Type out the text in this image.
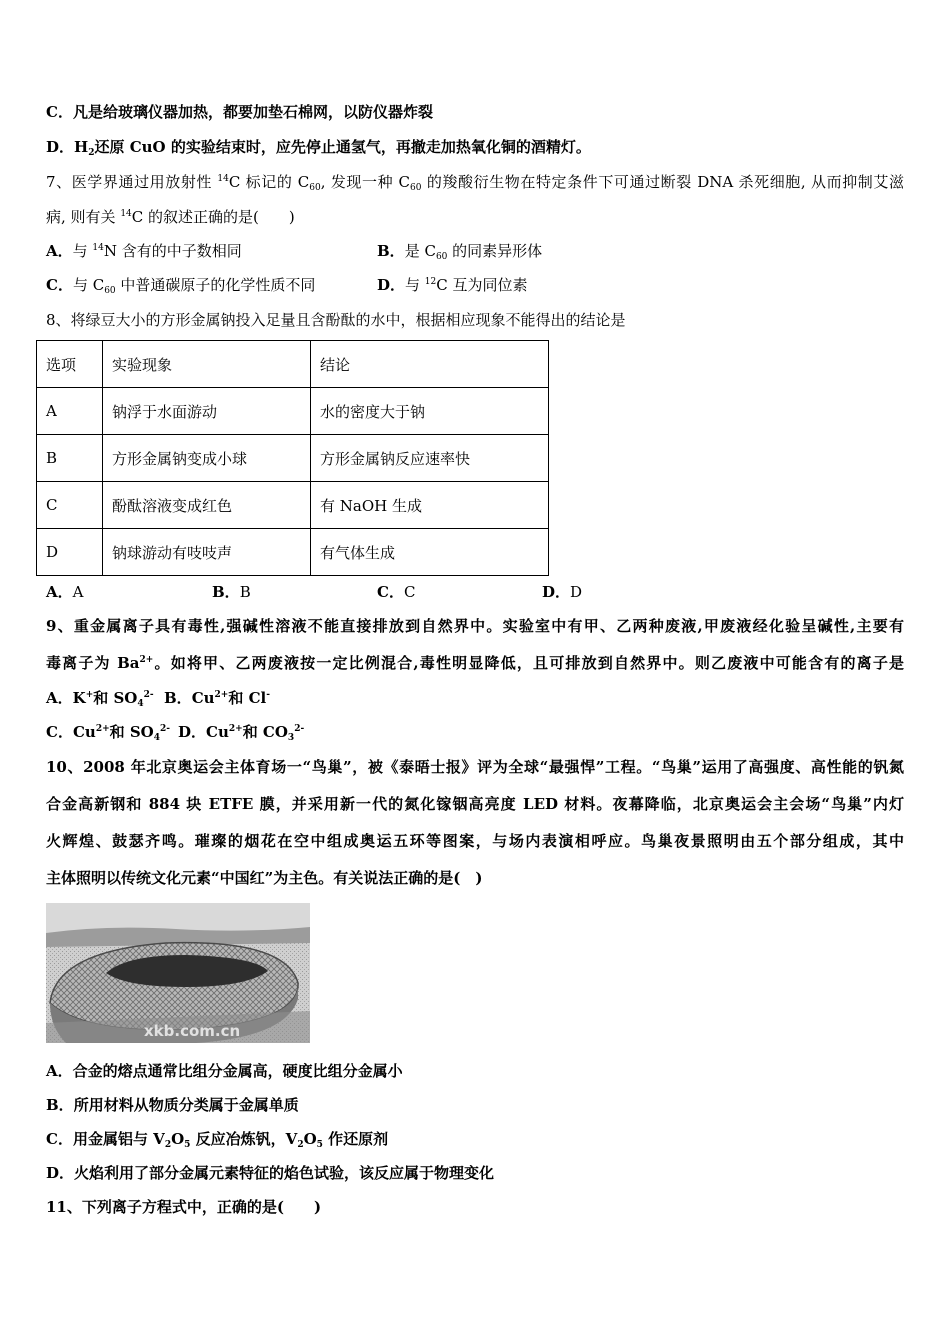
C．凡是给玻璃仪器加热，都要加垫石棉网，以防仪器炸裂
D．$H_2$还原 CuO 的实验结束时，应先停止通氢气，再撤走加热氧化铜的酒精灯。
7、医学界通过用放射性 $^{14}$C 标记的 $C_{60}$, 发现一种 $C_{60}$ 的羧酸衍生物在特定条件下可通过断裂 DNA 杀死细胞, 从而抑制艾滋
病, 则有关 $^{14}$C 的叙述正确的是(　　)
A．与 $^{14}$N 含有的中子数相同	B．是 $C_{60}$ 的同素异形体
C．与 $C_{60}$ 中普通碳原子的化学性质不同	D．与 $^{12}$C 互为同位素
8、将绿豆大小的方形金属钠投入足量且含酚酞的水中，根据相应现象不能得出的结论是
选项	实验现象	结论
A	钠浮于水面游动	水的密度大于钠
B	方形金属钠变成小球	方形金属钠反应速率快
C	酚酞溶液变成红色	有 NaOH 生成
D	钠球游动有吱吱声	有气体生成
A．A	B．B	C．C	D．D
9、重金属离子具有毒性,强碱性溶液不能直接排放到自然界中。实验室中有甲、乙两种废液,甲废液经化验呈碱性,主要有
毒离子为 $Ba^{2+}$。如将甲、乙两废液按一定比例混合,毒性明显降低，且可排放到自然界中。则乙废液中可能含有的离子是
A．K+和 $SO_4^{2-}$ B．$Cu^{2+}$和 Cl-
C．$Cu^{2+}$和 $SO_4^{2-}$ D．$Cu^{2+}$和 $CO_3^{2-}$
10、2008 年北京奥运会主体育场一“鸟巢”，被《泰晤士报》评为全球“最强悍”工程。“鸟巢”运用了高强度、高性能的钒氮
合金高新钢和 884 块 ETFE 膜，并采用新一代的氮化镓铟高亮度 LED 材料。夜幕降临，北京奥运会主会场“鸟巢”内灯
火辉煌、鼓瑟齐鸣。璀璨的烟花在空中组成奥运五环等图案，与场内表演相呼应。鸟巢夜景照明由五个部分组成，其中
主体照明以传统文化元素“中国红”为主色。有关说法正确的是(　)
xkb.com.cn
A．合金的熔点通常比组分金属高，硬度比组分金属小
B．所用材料从物质分类属于金属单质
C．用金属铝与 $V_2O_5$ 反应冶炼钒，$V_2O_5$ 作还原剂
D．火焰利用了部分金属元素特征的焰色试验，该反应属于物理变化
11、下列离子方程式中，正确的是(　　)
